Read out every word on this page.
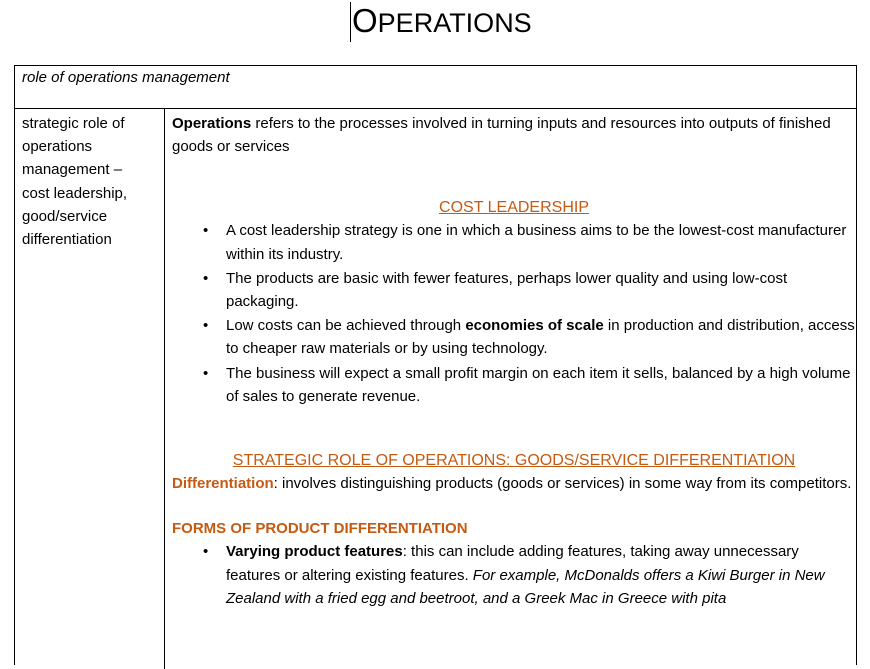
OPERATIONS
role of operations management
strategic role of
operations
management –
cost leadership,
good/service
differentiation

Operations refers to the processes involved in turning inputs and resources into outputs of finished goods or services

COST LEADERSHIP
• A cost leadership strategy is one in which a business aims to be the lowest-cost manufacturer within its industry.
• The products are basic with fewer features, perhaps lower quality and using low-cost packaging.
• Low costs can be achieved through economies of scale in production and distribution, access to cheaper raw materials or by using technology.
• The business will expect a small profit margin on each item it sells, balanced by a high volume of sales to generate revenue.
STRATEGIC ROLE OF OPERATIONS: GOODS/SERVICE DIFFERENTIATION

Differentiation: involves distinguishing products (goods or services) in some way from its competitors.

FORMS OF PRODUCT DIFFERENTIATION
• Varying product features: this can include adding features, taking away unnecessary features or altering existing features. For example, McDonalds offers a Kiwi Burger in New Zealand with a fried egg and beetroot, and a Greek Mac in Greece with pita
